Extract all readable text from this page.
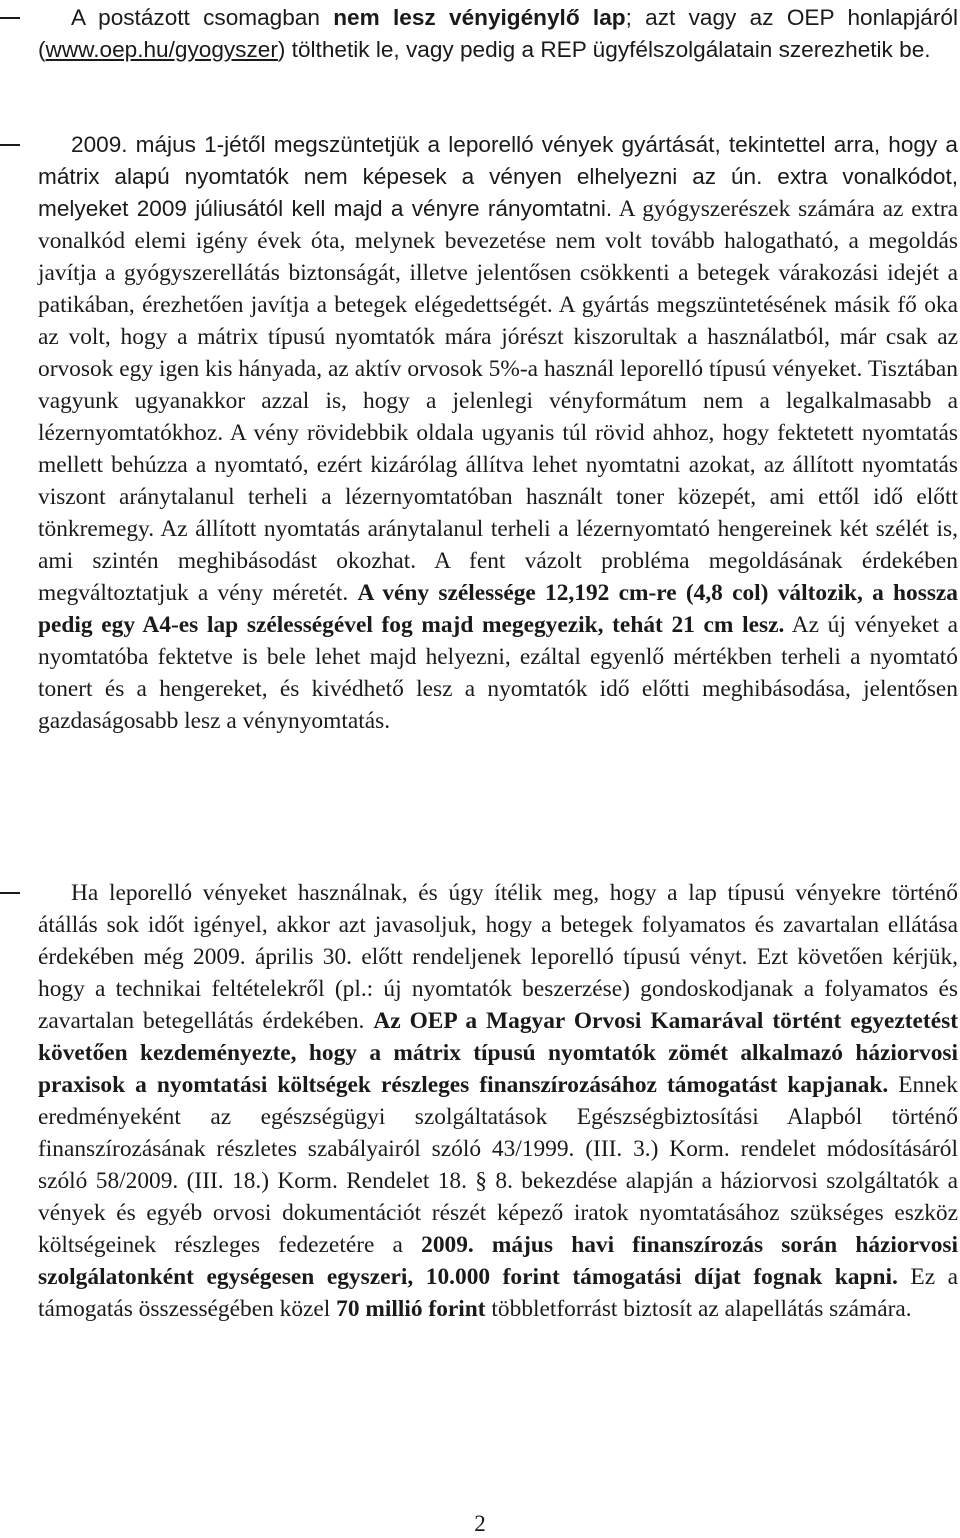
A postázott csomagban nem lesz vényigénylő lap; azt vagy az OEP honlapjáról (www.oep.hu/gyogyszer) tölthetik le, vagy pedig a REP ügyfélszolgálatain szerezhetik be.

2009. május 1-jétől megszüntetjük a leporelló vények gyártását, tekintettel arra, hogy a mátrix alapú nyomtatók nem képesek a vényen elhelyezni az ún. extra vonalkódot, melyeket 2009 júliusától kell majd a vényre rányomtatni. A gyógyszerészek számára az extra vonalkód elemi igény évek óta, melynek bevezetése nem volt tovább halogatható, a megoldás javítja a gyógyszerellátás biztonságát, illetve jelentősen csökkenti a betegek várakozási idejét a patikában, érezhetően javítja a betegek elégedettségét. A gyártás megszüntetésének másik fő oka az volt, hogy a mátrix típusú nyomtatók mára jórészt kiszorultak a használatból, már csak az orvosok egy igen kis hányada, az aktív orvosok 5%-a használ leporelló típusú vényeket. Tisztában vagyunk ugyanakkor azzal is, hogy a jelenlegi vényformátum nem a legalkalmasabb a lézernyomtatókhoz. A vény rövidebbik oldala ugyanis túl rövid ahhoz, hogy fektetett nyomtatás mellett behúzza a nyomtató, ezért kizárólag állítva lehet nyomtatni azokat, az állított nyomtatás viszont aránytalanul terheli a lézernyomtatóban használt toner közepét, ami ettől idő előtt tönkremegy. Az állított nyomtatás aránytalanul terheli a lézernyomtató hengereinek két szélét is, ami szintén meghibásodást okozhat. A fent vázolt probléma megoldásának érdekében megváltoztatjuk a vény méretét. A vény szélessége 12,192 cm-re (4,8 col) változik, a hossza pedig egy A4-es lap szélességével fog majd megegyezik, tehát 21 cm lesz. Az új vényeket a nyomtatóba fektetve is bele lehet majd helyezni, ezáltal egyenlő mértékben terheli a nyomtató tonert és a hengereket, és kivédhető lesz a nyomtatók idő előtti meghibásodása, jelentősen gazdaságosabb lesz a vénynyomtatás.

Ha leporelló vényeket használnak, és úgy ítélik meg, hogy a lap típusú vényekre történő átállás sok időt igényel, akkor azt javasoljuk, hogy a betegek folyamatos és zavartalan ellátása érdekében még 2009. április 30. előtt rendeljenek leporelló típusú vényt. Ezt követően kérjük, hogy a technikai feltételekről (pl.: új nyomtatók beszerzése) gondoskodjanak a folyamatos és zavartalan betegellátás érdekében. Az OEP a Magyar Orvosi Kamarával történt egyeztetést követően kezdeményezte, hogy a mátrix típusú nyomtatók zömét alkalmazó háziorvosi praxisok a nyomtatási költségek részleges finanszírozásához támogatást kapjanak. Ennek eredményeként az egészségügyi szolgáltatások Egészségbiztosítási Alapból történő finanszírozásának részletes szabályairól szóló 43/1999. (III. 3.) Korm. rendelet módosításáról szóló 58/2009. (III. 18.) Korm. Rendelet 18. § 8. bekezdése alapján a háziorvosi szolgáltatók a vények és egyéb orvosi dokumentációt részét képező iratok nyomtatásához szükséges eszköz költségeinek részleges fedezetére a 2009. május havi finanszírozás során háziorvosi szolgálatonként egységesen egyszeri, 10.000 forint támogatási díjat fognak kapni. Ez a támogatás összességében közel 70 millió forint többletforrást biztosít az alapellátás számára.

2
